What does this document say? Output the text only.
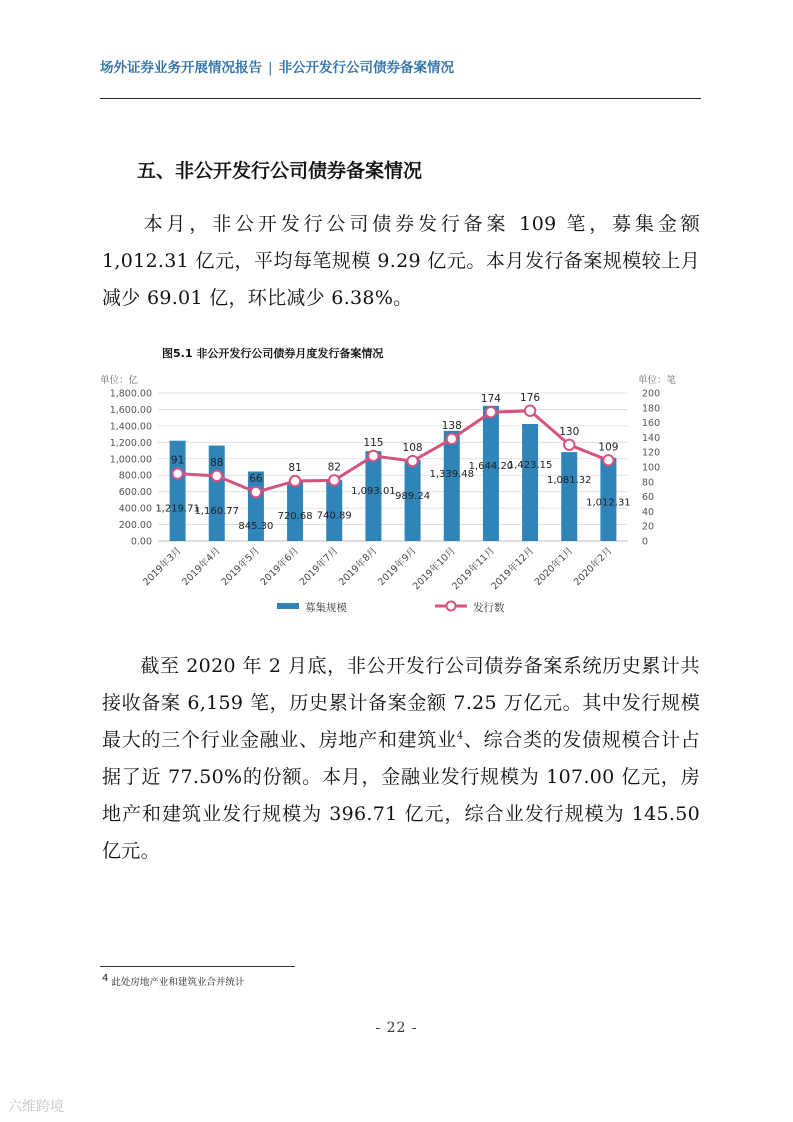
场外证券业务开展情况报告 | 非公开发行公司债券备案情况
五、非公开发行公司债券备案情况
本月，非公开发行公司债券发行备案 109 笔，募集金额 1,012.31 亿元，平均每笔规模 9.29 亿元。本月发行备案规模较上月减少 69.01 亿，环比减少 6.38%。
图5.1 非公开发行公司债券月度发行备案情况
0.00
200.00
400.00
600.00
800.00
1,000.00
1,200.00
1,400.00
1,600.00
1,800.00
0
20
40
60
80
100
120
140
160
180
200
单位：亿	单位：笔
1,219.71
1,160.77
845.30
720.68 740.89
1,093.01 989.24
1,339.48
1,644.20
1,423.15
1,081.32
1,012.31
91 88
66
81 82
115 108
138
174 176
130
109
2019年3月
2019年4月
2019年5月
2019年6月
2019年7月
2019年8月
2019年9月
2019年10月
2019年11月
2019年12月
2020年1月
2020年2月
募集规模	发行数
截至 2020 年 2 月底，非公开发行公司债券备案系统历史累计共接收备案 6,159 笔，历史累计备案金额 7.25 万亿元。其中发行规模最大的三个行业金融业、房地产和建筑业$^4$、综合类的发债规模合计占据了近 77.50%的份额。本月，金融业发行规模为 107.00 亿元，房地产和建筑业发行规模为 396.71 亿元，综合业发行规模为 145.50 亿元。
$^4$ 此处房地产业和建筑业合并统计
- 22 -
六维跨境
